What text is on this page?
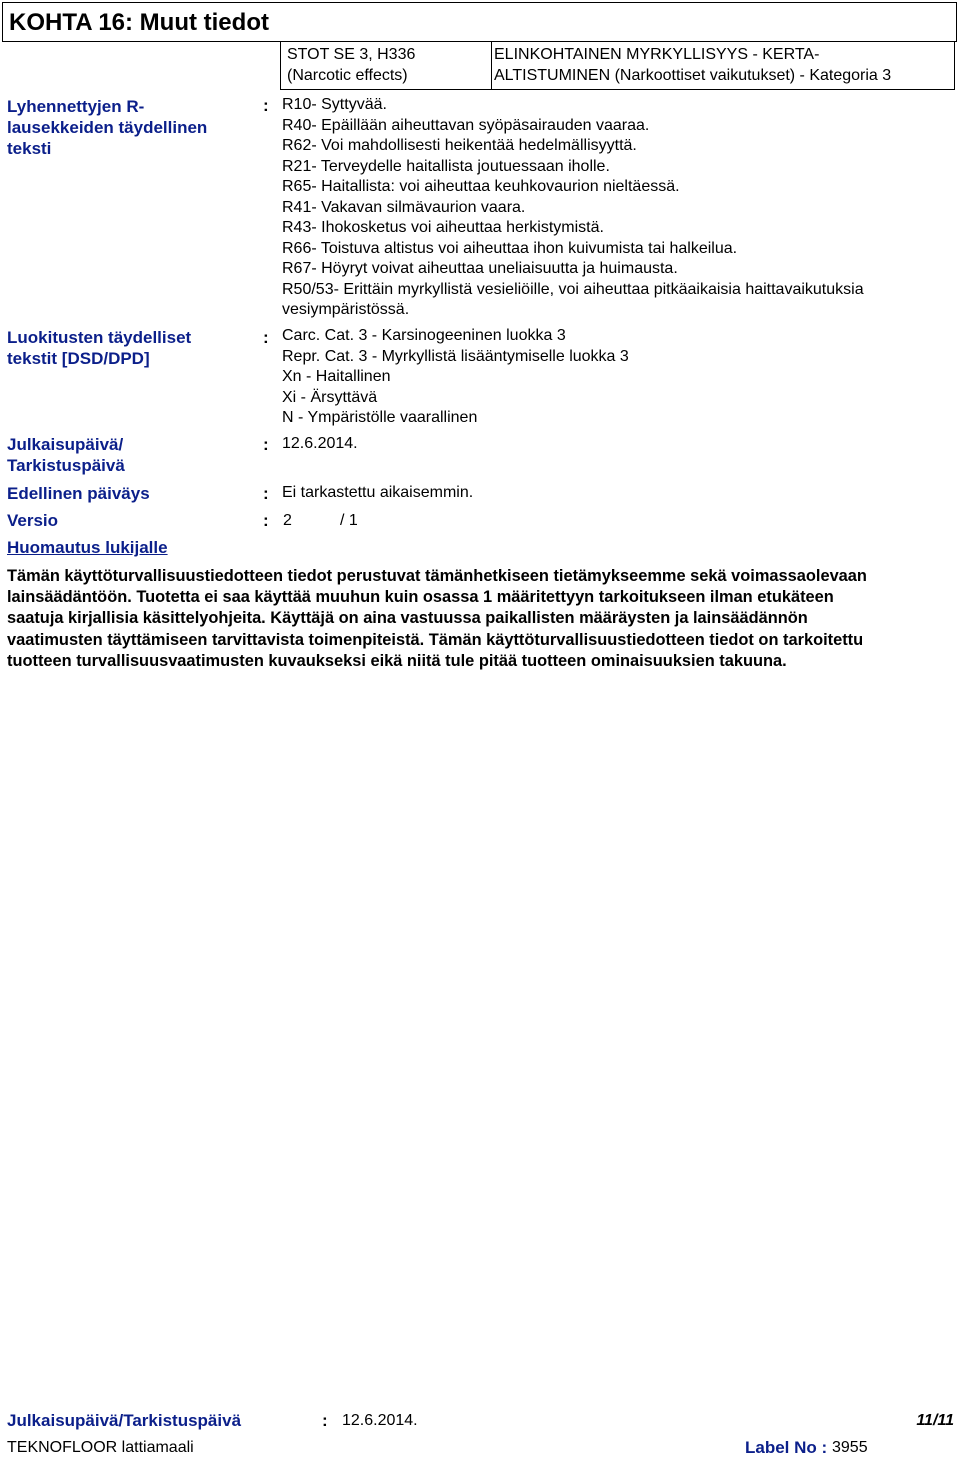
KOHTA 16: Muut tiedot
STOT SE 3, H336
(Narcotic effects)
ELINKOHTAINEN MYRKYLLISYYS - KERTA-
ALTISTUMINEN (Narkoottiset vaikutukset) - Kategoria 3
Lyhennettyjen R-
lausekkeiden täydellinen
teksti
: R10- Syttyvää.
R40- Epäillään aiheuttavan syöpäsairauden vaaraa.
R62- Voi mahdollisesti heikentää hedelmällisyyttä.
R21- Terveydelle haitallista joutuessaan iholle.
R65- Haitallista: voi aiheuttaa keuhkovaurion nieltäessä.
R41- Vakavan silmävaurion vaara.
R43- Ihokosketus voi aiheuttaa herkistymistä.
R66- Toistuva altistus voi aiheuttaa ihon kuivumista tai halkeilua.
R67- Höyryt voivat aiheuttaa uneliaisuutta ja huimausta.
R50/53- Erittäin myrkyllistä vesieliöille, voi aiheuttaa pitkäaikaisia haittavaikutuksia
vesiympäristössä.
Luokitusten täydelliset
tekstit [DSD/DPD]
: Carc. Cat. 3 - Karsinogeeninen luokka 3
Repr. Cat. 3 - Myrkyllistä lisääntymiselle luokka 3
Xn - Haitallinen
Xi - Ärsyttävä
N - Ympäristölle vaarallinen
Julkaisupäivä/
Tarkistuspäivä
: 12.6.2014.
Edellinen päiväys	: Ei tarkastettu aikaisemmin.
Versio	: 2	/ 1
Huomautus lukijalle
Tämän käyttöturvallisuustiedotteen tiedot perustuvat tämänhetkiseen tietämykseemme sekä voimassaolevaan
lainsäädäntöön. Tuotetta ei saa käyttää muuhun kuin osassa 1 määritettyyn tarkoitukseen ilman etukäteen
saatuja kirjallisia käsittelyohjeita. Käyttäjä on aina vastuussa paikallisten määräysten ja lainsäädännön
vaatimusten täyttämiseen tarvittavista toimenpiteistä. Tämän käyttöturvallisuustiedotteen tiedot on tarkoitettu
tuotteen turvallisuusvaatimusten kuvaukseksi eikä niitä tule pitää tuotteen ominaisuuksien takuuna.
Julkaisupäivä/Tarkistuspäivä	: 12.6.2014.	11/11
TEKNOFLOOR lattiamaali	Label No : 3955
